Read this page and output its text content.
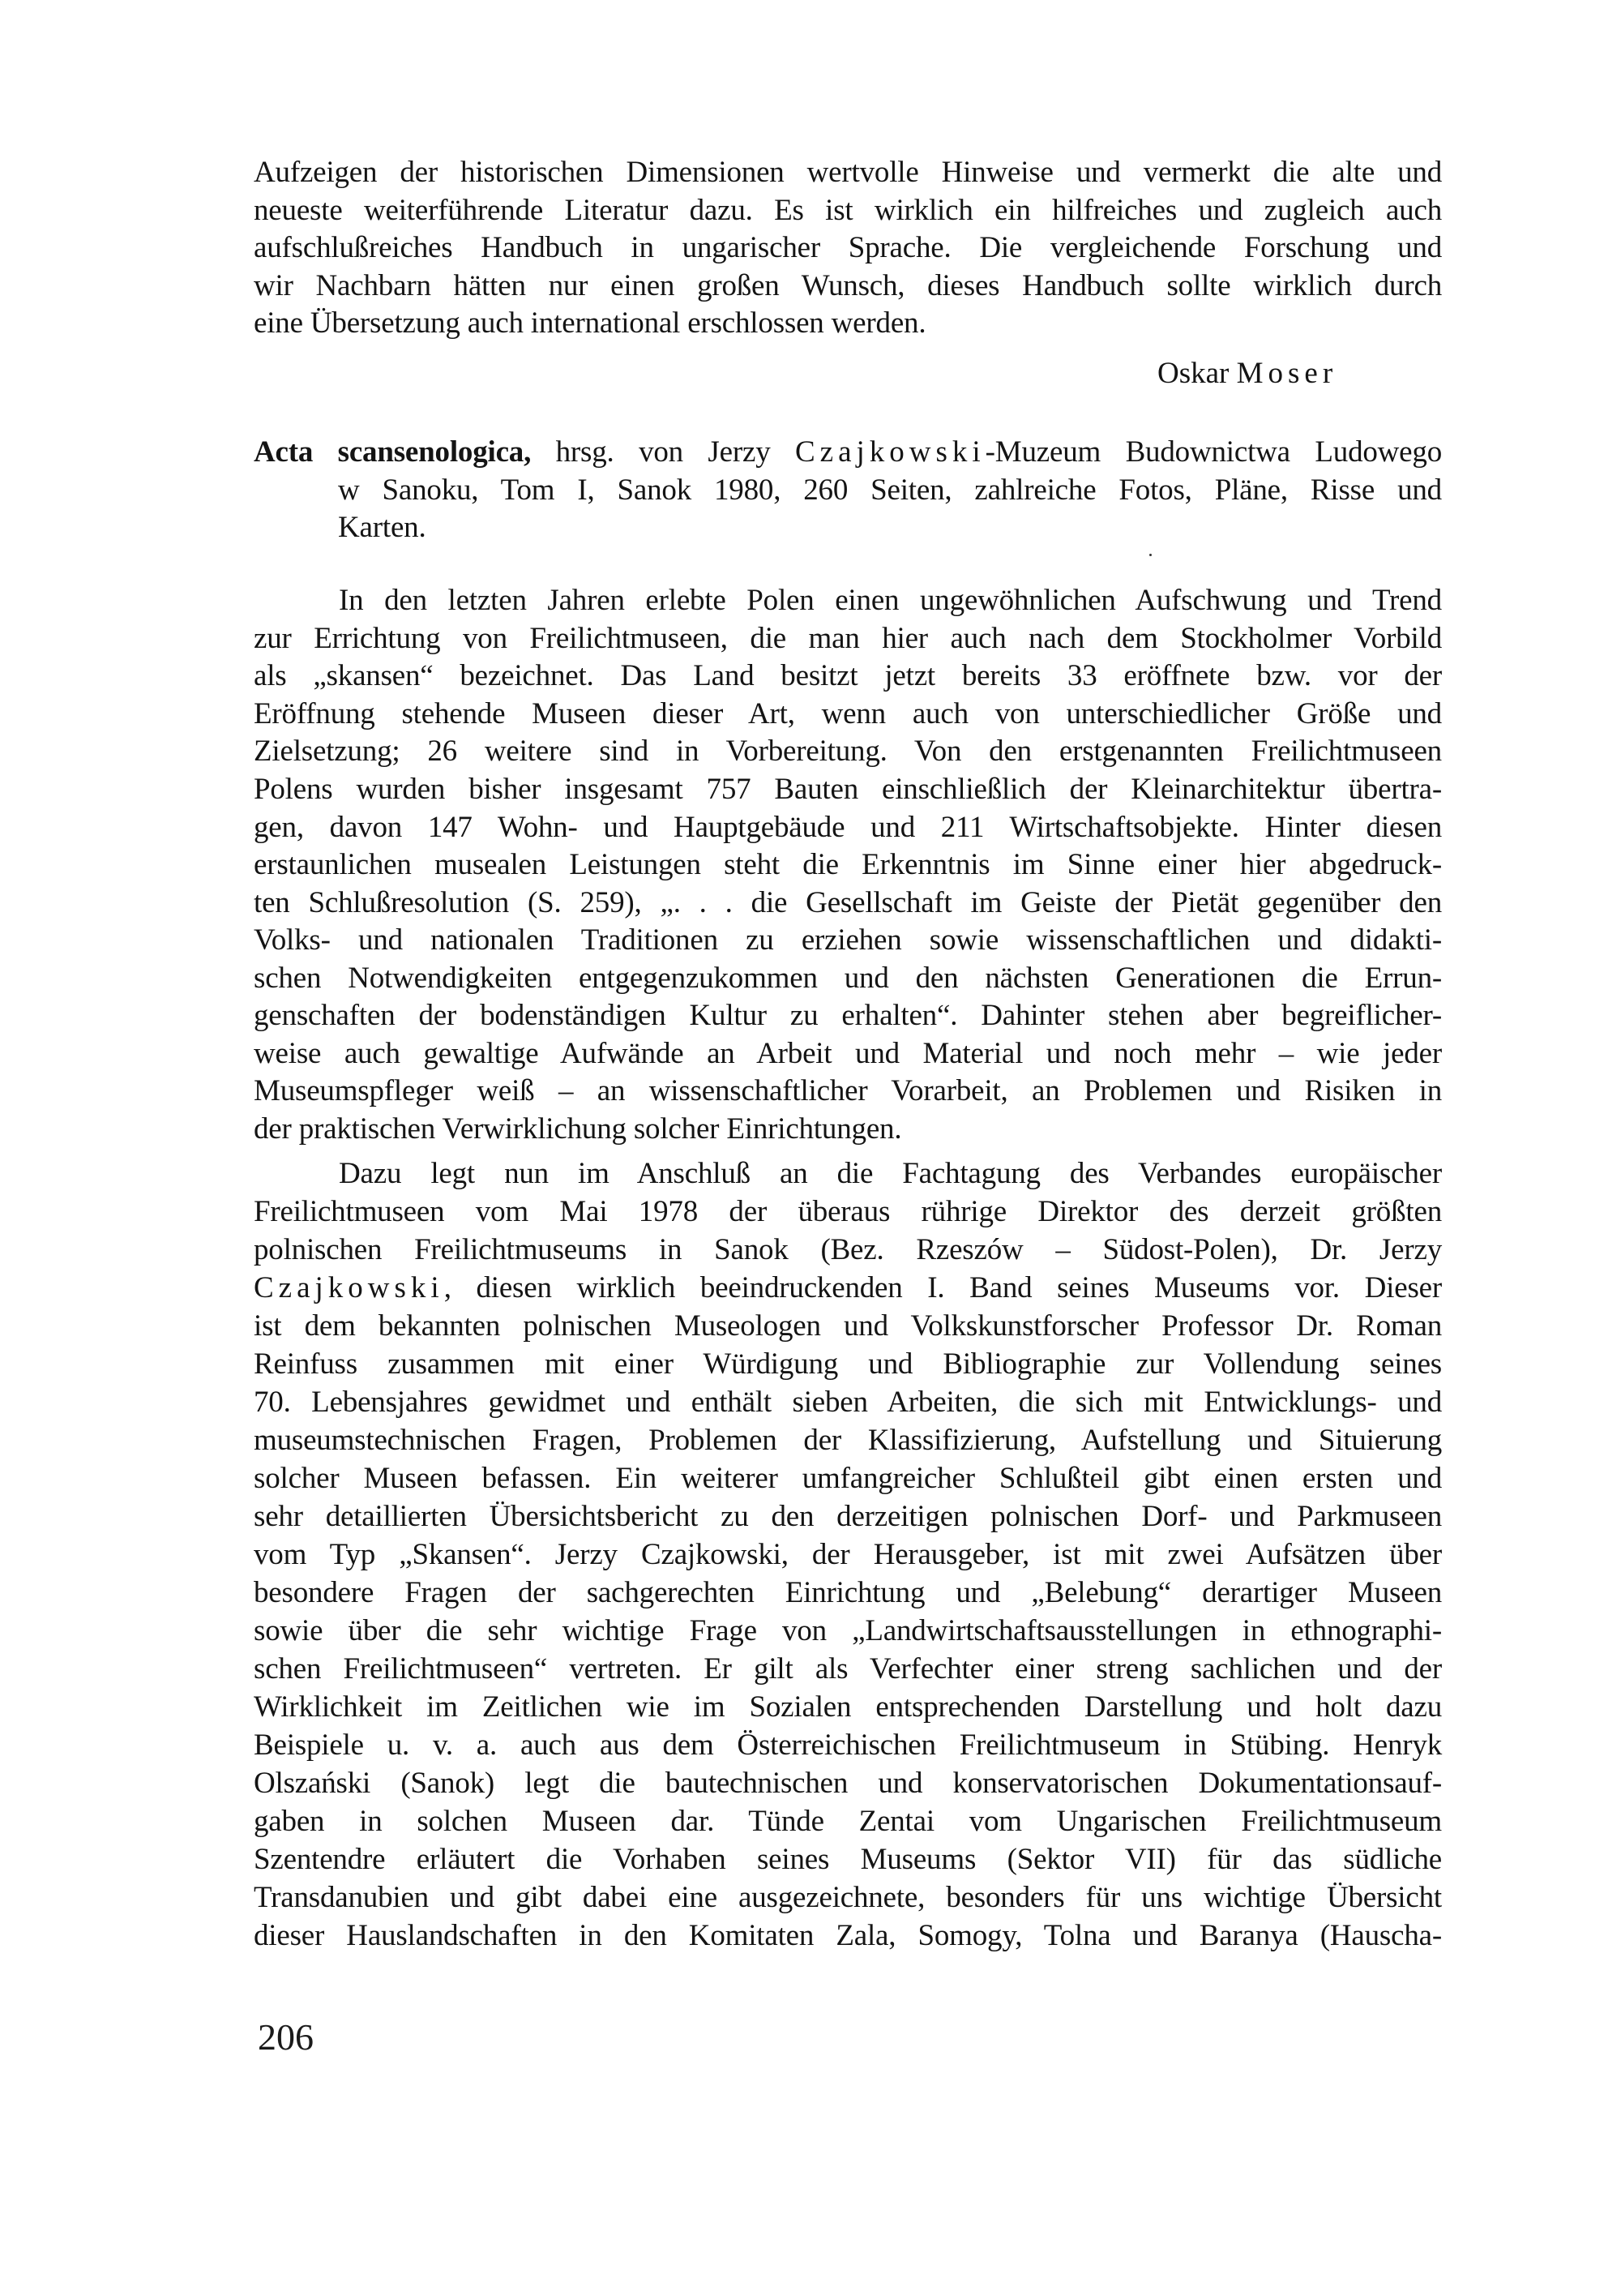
Aufzeigen der historischen Dimensionen wertvolle Hinweise und vermerkt die alte und
neueste weiterführende Literatur dazu. Es ist wirklich ein hilfreiches und zugleich auch
aufschlußreiches Handbuch in ungarischer Sprache. Die vergleichende Forschung und
wir Nachbarn hätten nur einen großen Wunsch, dieses Handbuch sollte wirklich durch
eine Übersetzung auch international erschlossen werden.
Oskar Moser
Acta scansenologica, hrsg. von Jerzy Czajkowski-Muzeum Budownictwa Ludowego
w Sanoku, Tom I, Sanok 1980, 260 Seiten, zahlreiche Fotos, Pläne, Risse und
Karten.
In den letzten Jahren erlebte Polen einen ungewöhnlichen Aufschwung und Trend
zur Errichtung von Freilichtmuseen, die man hier auch nach dem Stockholmer Vorbild
als „skansen“ bezeichnet. Das Land besitzt jetzt bereits 33 eröffnete bzw. vor der
Eröffnung stehende Museen dieser Art, wenn auch von unterschiedlicher Größe und
Zielsetzung; 26 weitere sind in Vorbereitung. Von den erstgenannten Freilichtmuseen
Polens wurden bisher insgesamt 757 Bauten einschließlich der Kleinarchitektur übertra-
gen, davon 147 Wohn- und Hauptgebäude und 211 Wirtschaftsobjekte. Hinter diesen
erstaunlichen musealen Leistungen steht die Erkenntnis im Sinne einer hier abgedruck-
ten Schlußresolution (S. 259), „. . . die Gesellschaft im Geiste der Pietät gegenüber den
Volks- und nationalen Traditionen zu erziehen sowie wissenschaftlichen und didakti-
schen Notwendigkeiten entgegenzukommen und den nächsten Generationen die Errun-
genschaften der bodenständigen Kultur zu erhalten“. Dahinter stehen aber begreiflicher-
weise auch gewaltige Aufwände an Arbeit und Material und noch mehr – wie jeder
Museumspfleger weiß – an wissenschaftlicher Vorarbeit, an Problemen und Risiken in
der praktischen Verwirklichung solcher Einrichtungen.
Dazu legt nun im Anschluß an die Fachtagung des Verbandes europäischer
Freilichtmuseen vom Mai 1978 der überaus rührige Direktor des derzeit größten
polnischen Freilichtmuseums in Sanok (Bez. Rzeszów – Südost-Polen), Dr. Jerzy
Czajkowski, diesen wirklich beeindruckenden I. Band seines Museums vor. Dieser
ist dem bekannten polnischen Museologen und Volkskunstforscher Professor Dr. Roman
Reinfuss zusammen mit einer Würdigung und Bibliographie zur Vollendung seines
70. Lebensjahres gewidmet und enthält sieben Arbeiten, die sich mit Entwicklungs- und
museumstechnischen Fragen, Problemen der Klassifizierung, Aufstellung und Situierung
solcher Museen befassen. Ein weiterer umfangreicher Schlußteil gibt einen ersten und
sehr detaillierten Übersichtsbericht zu den derzeitigen polnischen Dorf- und Parkmuseen
vom Typ „Skansen“. Jerzy Czajkowski, der Herausgeber, ist mit zwei Aufsätzen über
besondere Fragen der sachgerechten Einrichtung und „Belebung“ derartiger Museen
sowie über die sehr wichtige Frage von „Landwirtschaftsausstellungen in ethnographi-
schen Freilichtmuseen“ vertreten. Er gilt als Verfechter einer streng sachlichen und der
Wirklichkeit im Zeitlichen wie im Sozialen entsprechenden Darstellung und holt dazu
Beispiele u. v. a. auch aus dem Österreichischen Freilichtmuseum in Stübing. Henryk
Olszański (Sanok) legt die bautechnischen und konservatorischen Dokumentationsauf-
gaben in solchen Museen dar. Tünde Zentai vom Ungarischen Freilichtmuseum
Szentendre erläutert die Vorhaben seines Museums (Sektor VII) für das südliche
Transdanubien und gibt dabei eine ausgezeichnete, besonders für uns wichtige Übersicht
dieser Hauslandschaften in den Komitaten Zala, Somogy, Tolna und Baranya (Hauscha-
206
